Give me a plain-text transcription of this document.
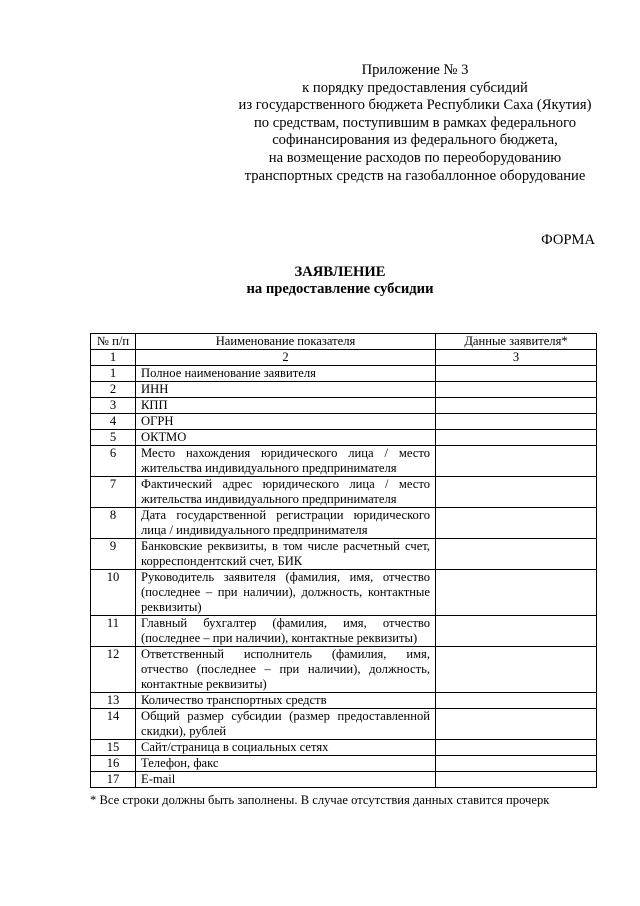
Приложение № 3
к порядку предоставления субсидий
из государственного бюджета Республики Саха (Якутия)
по средствам, поступившим в рамках федерального
софинансирования из федерального бюджета,
на возмещение расходов по переоборудованию
транспортных средств на газобаллонное оборудование
ФОРМА
ЗАЯВЛЕНИЕ
на предоставление субсидии
№ п/п	Наименование показателя	Данные заявителя*
1	2	3
1	Полное наименование заявителя	
2	ИНН	
3	КПП	
4	ОГРН	
5	ОКТМО	
6	Место нахождения юридического лица / место жительства индивидуального предпринимателя	
7	Фактический адрес юридического лица / место жительства индивидуального предпринимателя	
8	Дата государственной регистрации юридического лица / индивидуального предпринимателя	
9	Банковские реквизиты, в том числе расчетный счет, корреспондентский счет, БИК	
10	Руководитель заявителя (фамилия, имя, отчество (последнее – при наличии), должность, контактные реквизиты)	
11	Главный бухгалтер (фамилия, имя, отчество (последнее – при наличии), контактные реквизиты)	
12	Ответственный исполнитель (фамилия, имя, отчество (последнее – при наличии), должность, контактные реквизиты)	
13	Количество транспортных средств	
14	Общий размер субсидии (размер предоставленной скидки), рублей	
15	Сайт/страница в социальных сетях	
16	Телефон, факс	
17	E-mail	
* Все строки должны быть заполнены. В случае отсутствия данных ставится прочерк
